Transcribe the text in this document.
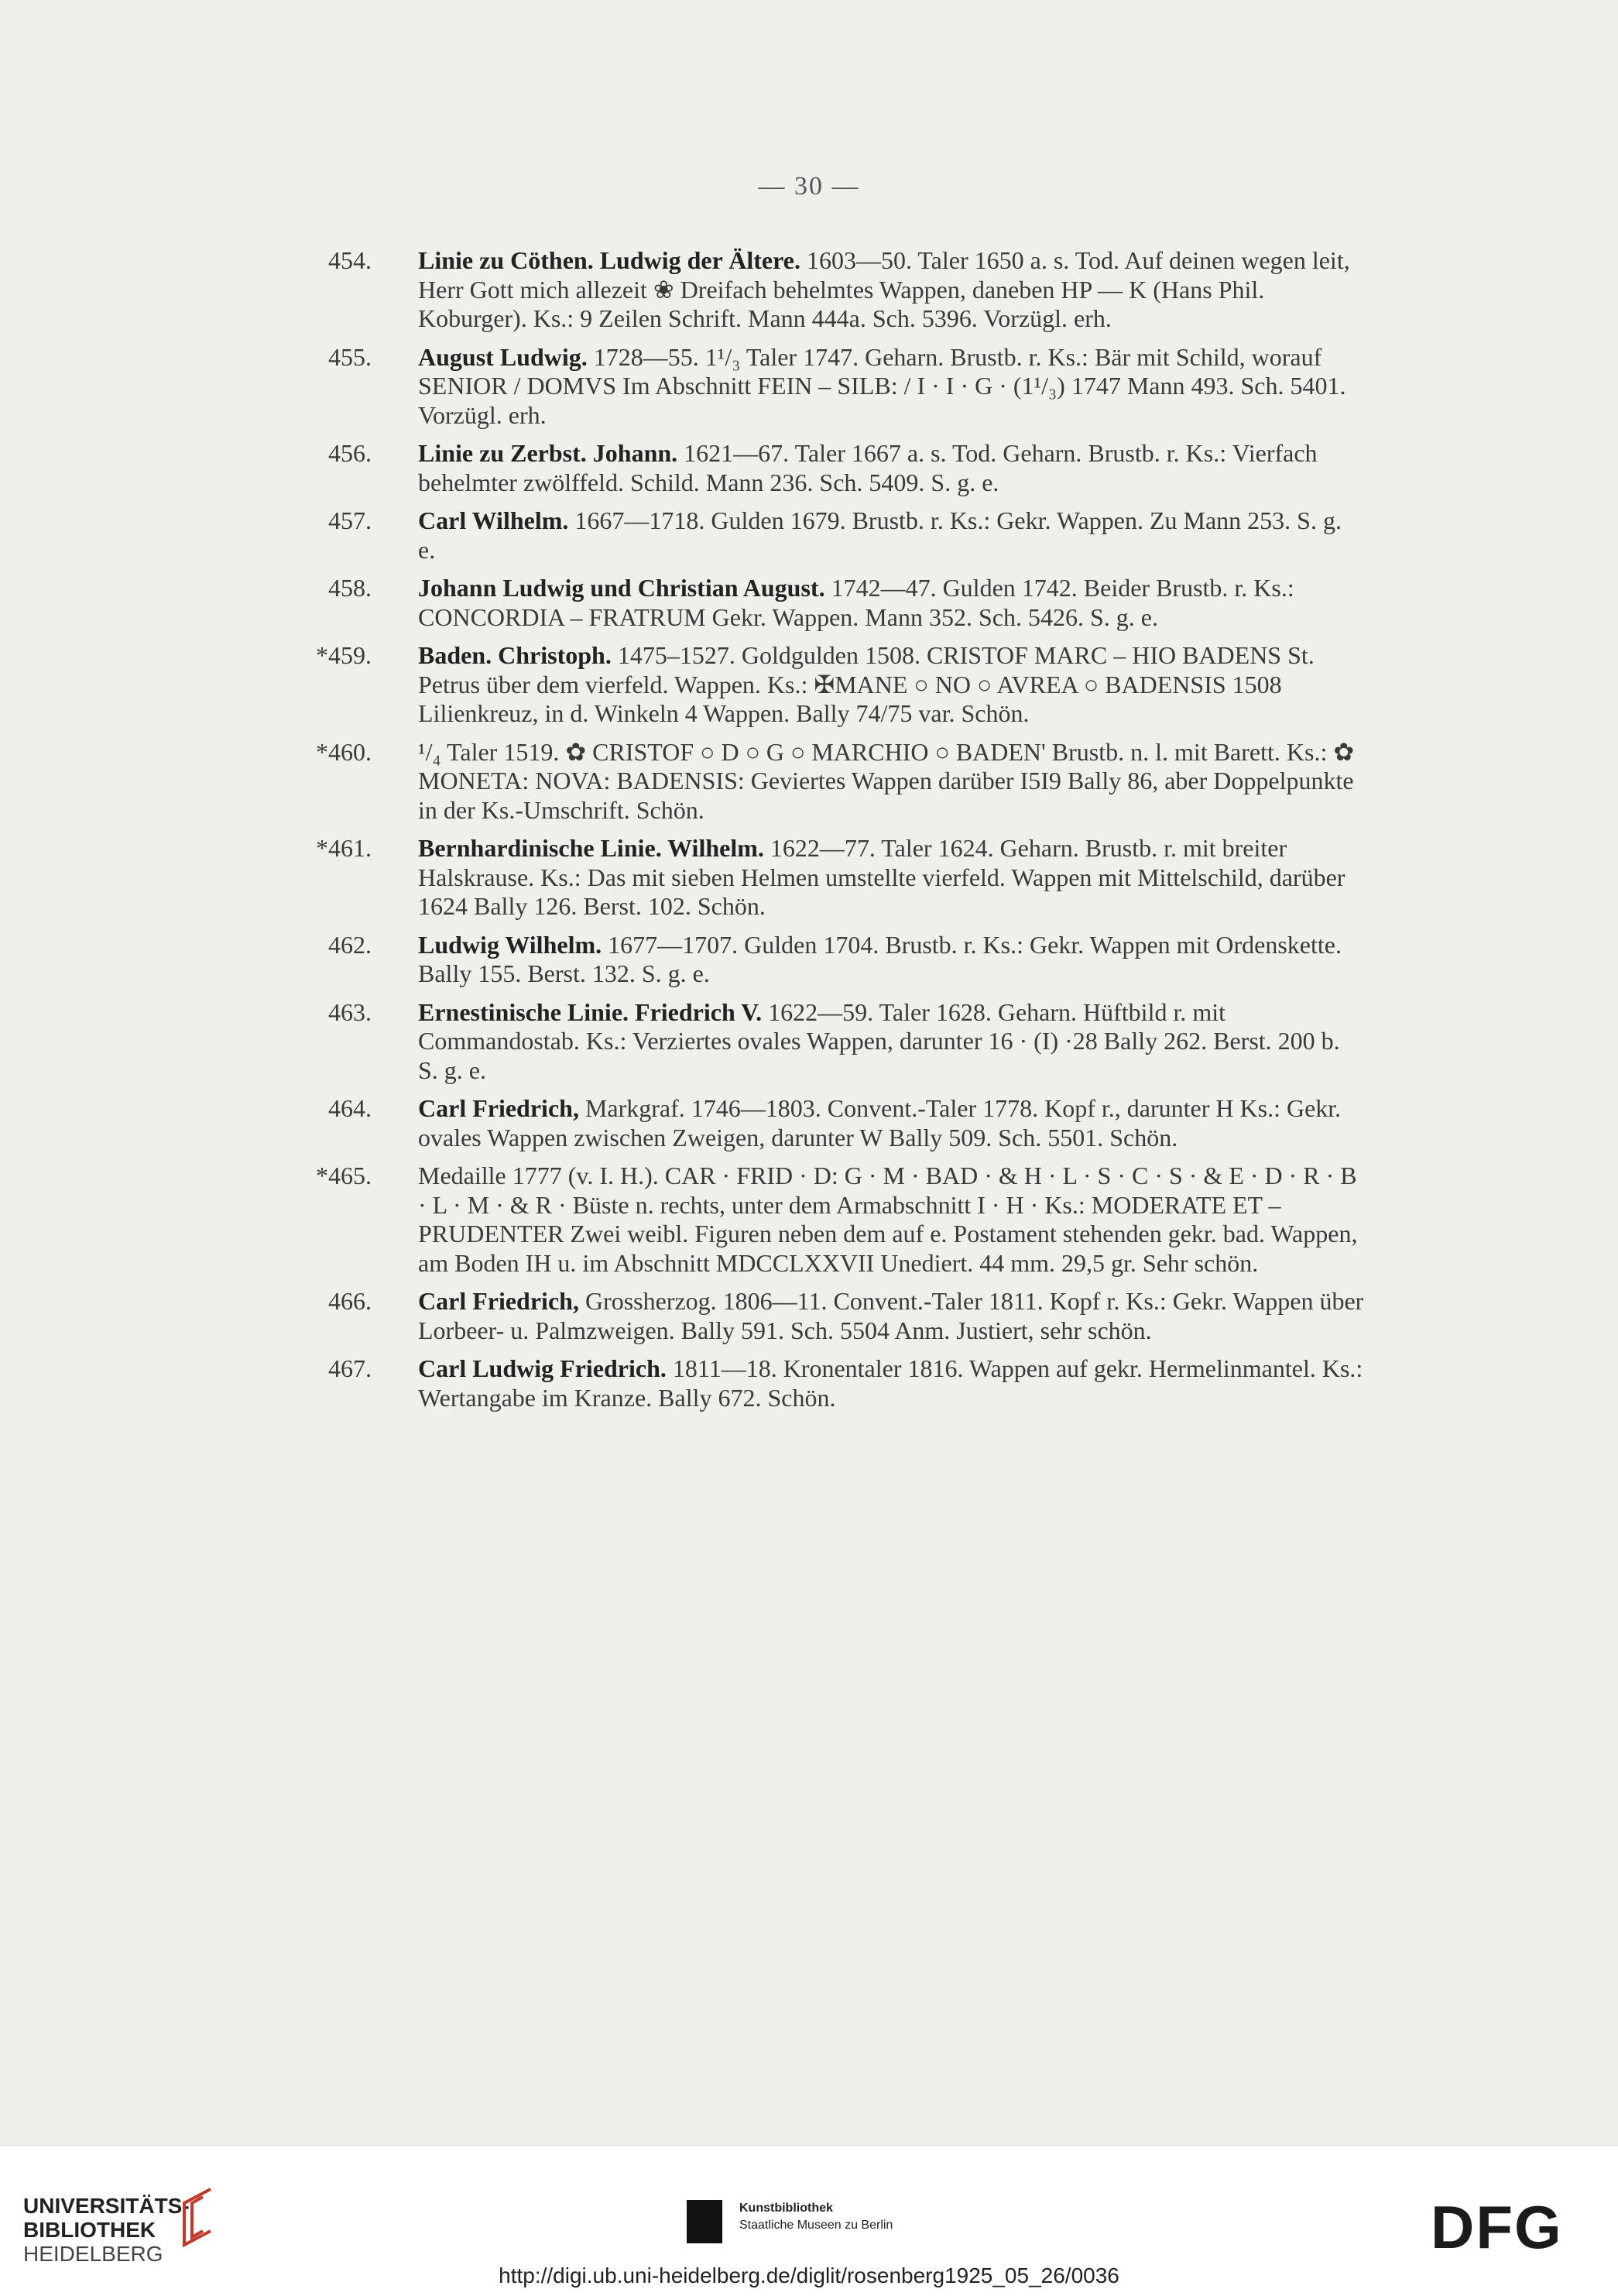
— 30 —
454. Linie zu Cöthen. Ludwig der Ältere. 1603—50. Taler 1650 a. s. Tod. Auf deinen wegen leit, Herr Gott mich allezeit ❀ Dreifach behelmtes Wappen, daneben HP — K (Hans Phil. Koburger). Ks.: 9 Zeilen Schrift. Mann 444a. Sch. 5396. Vorzügl. erh.
455. August Ludwig. 1728—55. 1¹/₃ Taler 1747. Geharn. Brustb. r. Ks.: Bär mit Schild, worauf SENIOR / DOMVS Im Abschnitt FEIN – SILB: / I · I · G · (1¹/₃) 1747 Mann 493. Sch. 5401. Vorzügl. erh.
456. Linie zu Zerbst. Johann. 1621—67. Taler 1667 a. s. Tod. Geharn. Brustb. r. Ks.: Vierfach behelmter zwölffeld. Schild. Mann 236. Sch. 5409. S. g. e.
457. Carl Wilhelm. 1667—1718. Gulden 1679. Brustb. r. Ks.: Gekr. Wappen. Zu Mann 253. S. g. e.
458. Johann Ludwig und Christian August. 1742—47. Gulden 1742. Beider Brustb. r. Ks.: CONCORDIA – FRATRUM Gekr. Wappen. Mann 352. Sch. 5426. S. g. e.
*459. Baden. Christoph. 1475–1527. Goldgulden 1508. CRISTOF MARC – HIO BADENS St. Petrus über dem vierfeld. Wappen. Ks.: ✠MANE ○ NO ○ AVREA ○ BADENSIS 1508 Lilienkreuz, in d. Winkeln 4 Wappen. Bally 74/75 var. Schön.
*460. ¹/₄ Taler 1519. ✿ CRISTOF ○ D ○ G ○ MARCHIO ○ BADEN' Brustb. n. l. mit Barett. Ks.: ✿ MONETA: NOVA: BADENSIS: Geviertes Wappen darüber I5I9 Bally 86, aber Doppelpunkte in der Ks.-Umschrift. Schön.
*461. Bernhardinische Linie. Wilhelm. 1622—77. Taler 1624. Geharn. Brustb. r. mit breiter Halskrause. Ks.: Das mit sieben Helmen umstellte vierfeld. Wappen mit Mittelschild, darüber 1624 Bally 126. Berst. 102. Schön.
462. Ludwig Wilhelm. 1677—1707. Gulden 1704. Brustb. r. Ks.: Gekr. Wappen mit Ordenskette. Bally 155. Berst. 132. S. g. e.
463. Ernestinische Linie. Friedrich V. 1622—59. Taler 1628. Geharn. Hüftbild r. mit Commandostab. Ks.: Verziertes ovales Wappen, darunter 16 · (I) ·28 Bally 262. Berst. 200 b. S. g. e.
464. Carl Friedrich, Markgraf. 1746—1803. Convent.-Taler 1778. Kopf r., darunter H Ks.: Gekr. ovales Wappen zwischen Zweigen, darunter W Bally 509. Sch. 5501. Schön.
*465. Medaille 1777 (v. I. H.). CAR · FRID · D: G · M · BAD · & H · L · S · C · S · & E · D · R · B · L · M · & R · Büste n. rechts, unter dem Armabschnitt I · H · Ks.: MODERATE ET – PRUDENTER Zwei weibl. Figuren neben dem auf e. Postament stehenden gekr. bad. Wappen, am Boden IH u. im Abschnitt MDCCLXXVII Unediert. 44 mm. 29,5 gr. Sehr schön.
466. Carl Friedrich, Grossherzog. 1806—11. Convent.-Taler 1811. Kopf r. Ks.: Gekr. Wappen über Lorbeer- u. Palmzweigen. Bally 591. Sch. 5504 Anm. Justiert, sehr schön.
467. Carl Ludwig Friedrich. 1811—18. Kronentaler 1816. Wappen auf gekr. Hermelinmantel. Ks.: Wertangabe im Kranze. Bally 672. Schön.
UNIVERSITÄTS-
BIBLIOTHEK
HEIDELBERG
Kunstbibliothek
Staatliche Museen zu Berlin	DFG
http://digi.ub.uni-heidelberg.de/diglit/rosenberg1925_05_26/0036
